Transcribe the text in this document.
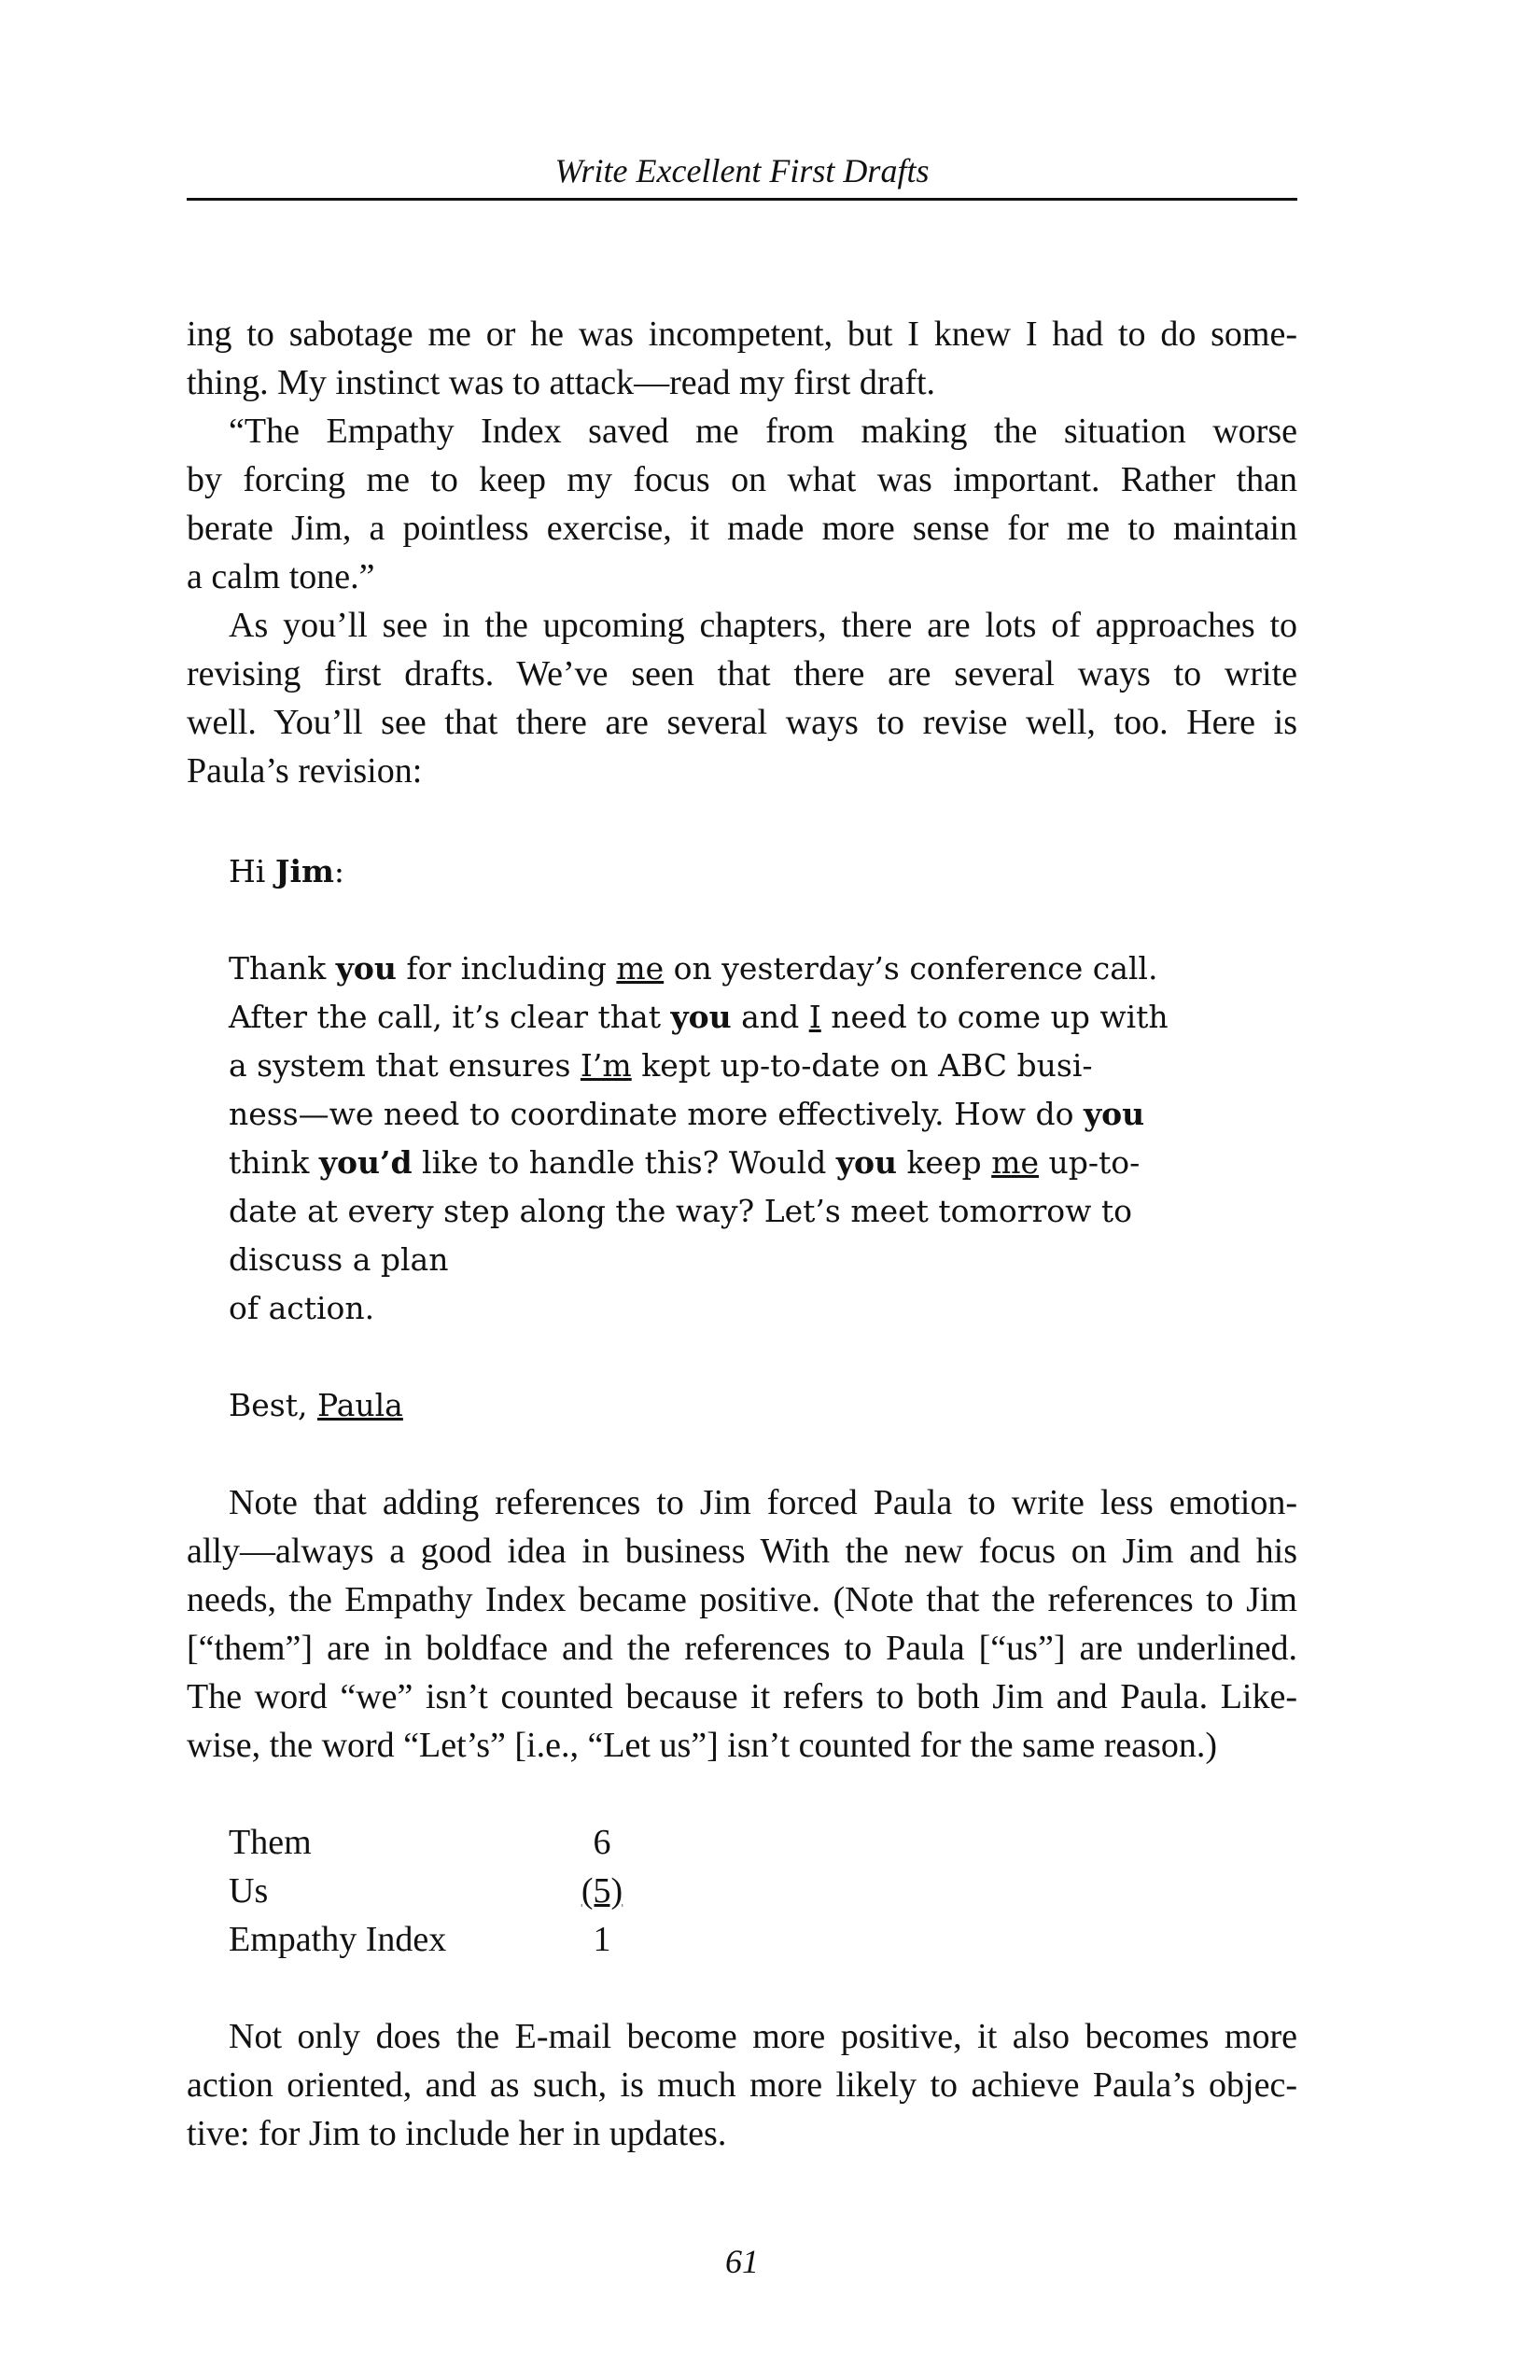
Write Excellent First Drafts
ing to sabotage me or he was incompetent, but I knew I had to do some-
thing. My instinct was to attack—read my first draft.
“The Empathy Index saved me from making the situation worse
by forcing me to keep my focus on what was important. Rather than
berate Jim, a pointless exercise, it made more sense for me to maintain
a calm tone.”
As you’ll see in the upcoming chapters, there are lots of approaches to
revising first drafts. We’ve seen that there are several ways to write
well. You’ll see that there are several ways to revise well, too. Here is
Paula’s revision:
Hi Jim:
Thank you for including me on yesterday’s conference call.
After the call, it’s clear that you and I need to come up with
a system that ensures I’m kept up-to-date on ABC busi-
ness—we need to coordinate more effectively. How do you
think you’d like to handle this? Would you keep me up-to-
date at every step along the way? Let’s meet tomorrow to
discuss a plan
of action.
Best, Paula
Note that adding references to Jim forced Paula to write less emotion-
ally—always a good idea in business With the new focus on Jim and his
needs, the Empathy Index became positive. (Note that the references to Jim
[“them”] are in boldface and the references to Paula [“us”] are underlined.
The word “we” isn’t counted because it refers to both Jim and Paula. Like-
wise, the word “Let’s” [i.e., “Let us”] isn’t counted for the same reason.)
Them	6
Us	(5)
Empathy Index	1
Not only does the E-mail become more positive, it also becomes more
action oriented, and as such, is much more likely to achieve Paula’s objec-
tive: for Jim to include her in updates.
61
